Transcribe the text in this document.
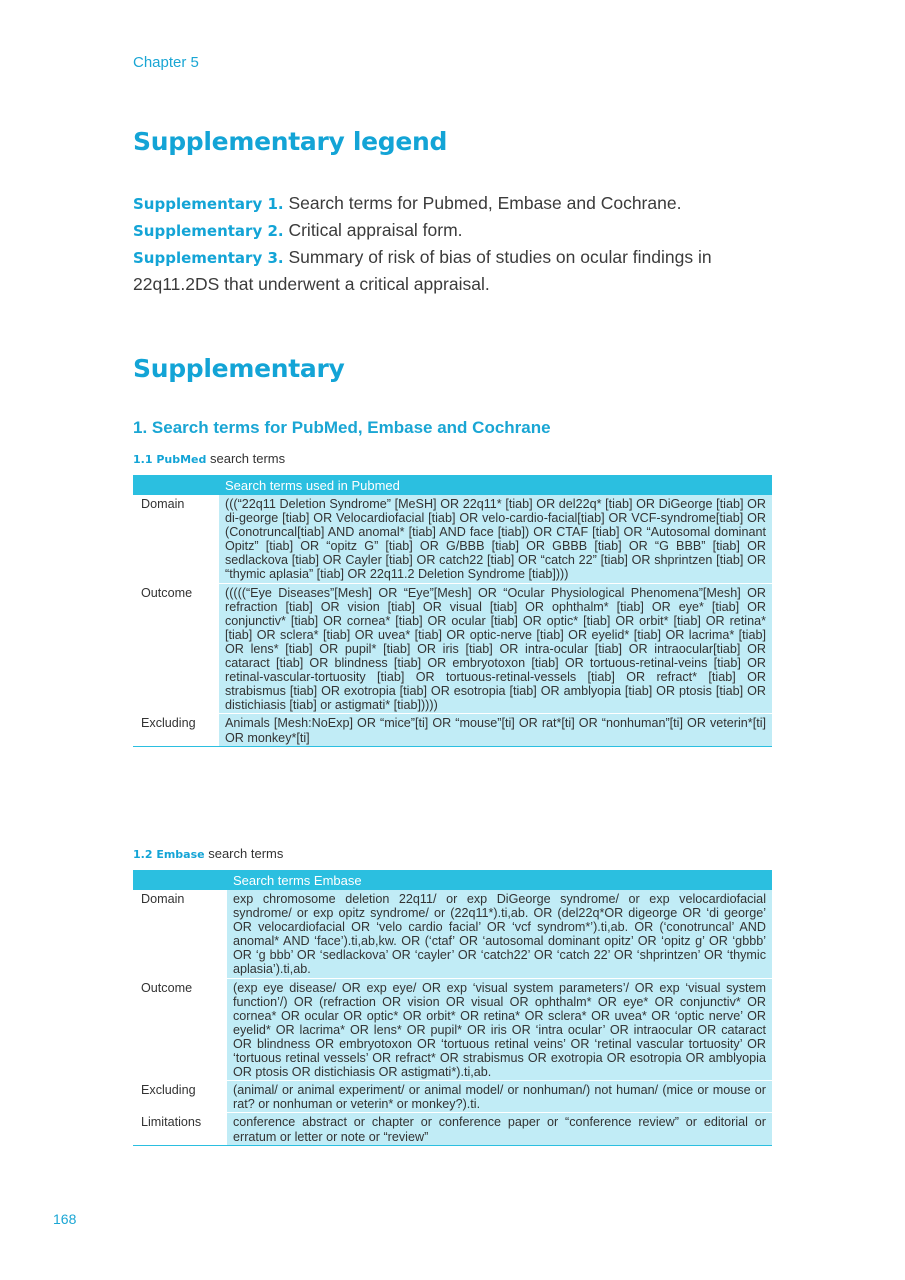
Chapter 5
Supplementary legend
Supplementary 1. Search terms for Pubmed, Embase and Cochrane.
Supplementary 2. Critical appraisal form.
Supplementary 3. Summary of risk of bias of studies on ocular findings in 22q11.2DS that underwent a critical appraisal.
Supplementary
1. Search terms for PubMed, Embase and Cochrane
1.1 PubMed search terms
	Search terms used in Pubmed
Domain	(((“22q11 Deletion Syndrome” [MeSH] OR 22q11* [tiab] OR del22q* [tiab] OR DiGeorge [tiab] OR di-george [tiab] OR Velocardiofacial [tiab] OR velo-cardio-facial[tiab] OR VCF-syndrome[tiab] OR (Conotruncal[tiab] AND anomal* [tiab] AND face [tiab]) OR CTAF [tiab] OR “Autosomal dominant Opitz” [tiab] OR “opitz G” [tiab] OR G/BBB [tiab] OR GBBB [tiab] OR “G BBB” [tiab] OR sedlackova [tiab] OR Cayler [tiab] OR catch22 [tiab] OR “catch 22” [tiab] OR shprintzen [tiab] OR “thymic aplasia” [tiab] OR 22q11.2 Deletion Syndrome [tiab])))
Outcome	(((((“Eye Diseases”[Mesh] OR “Eye”[Mesh] OR “Ocular Physiological Phenomena”[Mesh] OR refraction [tiab] OR vision [tiab] OR visual [tiab] OR ophthalm* [tiab] OR eye* [tiab] OR conjunctiv* [tiab] OR cornea* [tiab] OR ocular [tiab] OR optic* [tiab] OR orbit* [tiab] OR retina* [tiab] OR sclera* [tiab] OR uvea* [tiab] OR optic-nerve [tiab] OR eyelid* [tiab] OR lacrima* [tiab] OR lens* [tiab] OR pupil* [tiab] OR iris [tiab] OR intra-ocular [tiab] OR intraocular[tiab] OR cataract [tiab] OR blindness [tiab] OR embryotoxon [tiab] OR tortuous-retinal-veins [tiab] OR retinal-vascular-tortuosity [tiab] OR tortuous-retinal-vessels [tiab] OR refract* [tiab] OR strabismus [tiab] OR exotropia [tiab] OR esotropia [tiab] OR amblyopia [tiab] OR ptosis [tiab] OR distichiasis [tiab] or astigmati* [tiab]))))
Excluding	Animals [Mesh:NoExp] OR “mice”[ti] OR “mouse”[ti] OR rat*[ti] OR “nonhuman”[ti] OR veterin*[ti] OR monkey*[ti]
1.2 Embase search terms
	Search terms Embase
Domain	exp chromosome deletion 22q11/ or exp DiGeorge syndrome/ or exp velocardiofacial syndrome/ or exp opitz syndrome/ or (22q11*).ti,ab. OR (del22q*OR digeorge OR ‘di george’ OR velocardiofacial OR ‘velo cardio facial’ OR ‘vcf syndrom*’).ti,ab. OR (‘conotruncal’ AND anomal* AND ‘face’).ti,ab,kw. OR (‘ctaf’ OR ‘autosomal dominant opitz’ OR ‘opitz g’ OR ‘gbbb’ OR ‘g bbb’ OR ‘sedlackova’ OR ‘cayler’ OR ‘catch22’ OR ‘catch 22’ OR ‘shprintzen’ OR ‘thymic aplasia’).ti,ab.
Outcome	(exp eye disease/ OR exp eye/ OR exp ‘visual system parameters’/ OR exp ‘visual system function’/) OR (refraction OR vision OR visual OR ophthalm* OR eye* OR conjunctiv* OR cornea* OR ocular OR optic* OR orbit* OR retina* OR sclera* OR uvea* OR ‘optic nerve’ OR eyelid* OR lacrima* OR lens* OR pupil* OR iris OR ‘intra ocular’ OR intraocular OR cataract OR blindness OR embryotoxon OR ‘tortuous retinal veins’ OR ‘retinal vascular tortuosity’ OR ‘tortuous retinal vessels’ OR refract* OR strabismus OR exotropia OR esotropia OR amblyopia OR ptosis OR distichiasis OR astigmati*).ti,ab.
Excluding	(animal/ or animal experiment/ or animal model/ or nonhuman/) not human/ (mice or mouse or rat? or nonhuman or veterin* or monkey?).ti.
Limitations	conference abstract or chapter or conference paper or “conference review” or editorial or erratum or letter or note or “review”
168
